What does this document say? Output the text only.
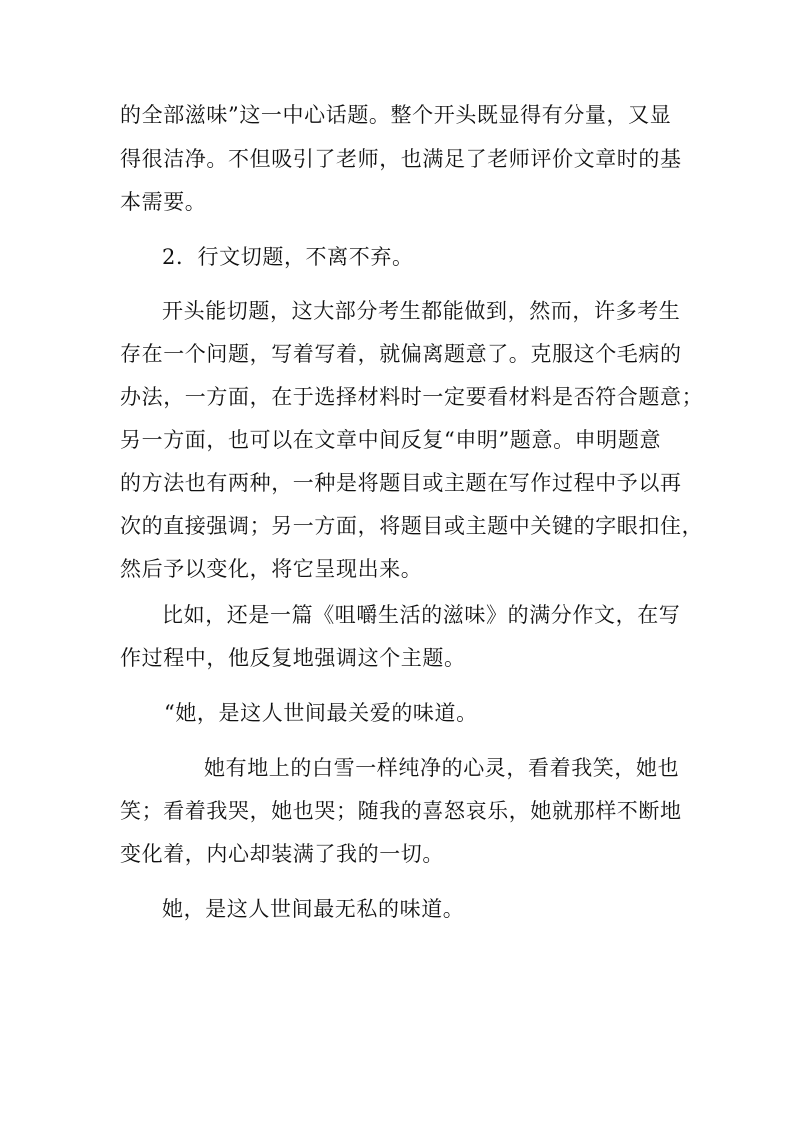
的全部滋味”这一中心话题。整个开头既显得有分量，又显
得很洁净。不但吸引了老师，也满足了老师评价文章时的基
本需要。
2．行文切题，不离不弃。
开头能切题，这大部分考生都能做到，然而，许多考生
存在一个问题，写着写着，就偏离题意了。克服这个毛病的
办法，一方面，在于选择材料时一定要看材料是否符合题意；
另一方面，也可以在文章中间反复“申明”题意。申明题意
的方法也有两种，一种是将题目或主题在写作过程中予以再
次的直接强调；另一方面，将题目或主题中关键的字眼扣住，
然后予以变化，将它呈现出来。
比如，还是一篇《咀嚼生活的滋味》的满分作文，在写
作过程中，他反复地强调这个主题。
“她，是这人世间最关爱的味道。
她有地上的白雪一样纯净的心灵，看着我笑，她也
笑；看着我哭，她也哭；随我的喜怒哀乐，她就那样不断地
变化着，内心却装满了我的一切。
她，是这人世间最无私的味道。
